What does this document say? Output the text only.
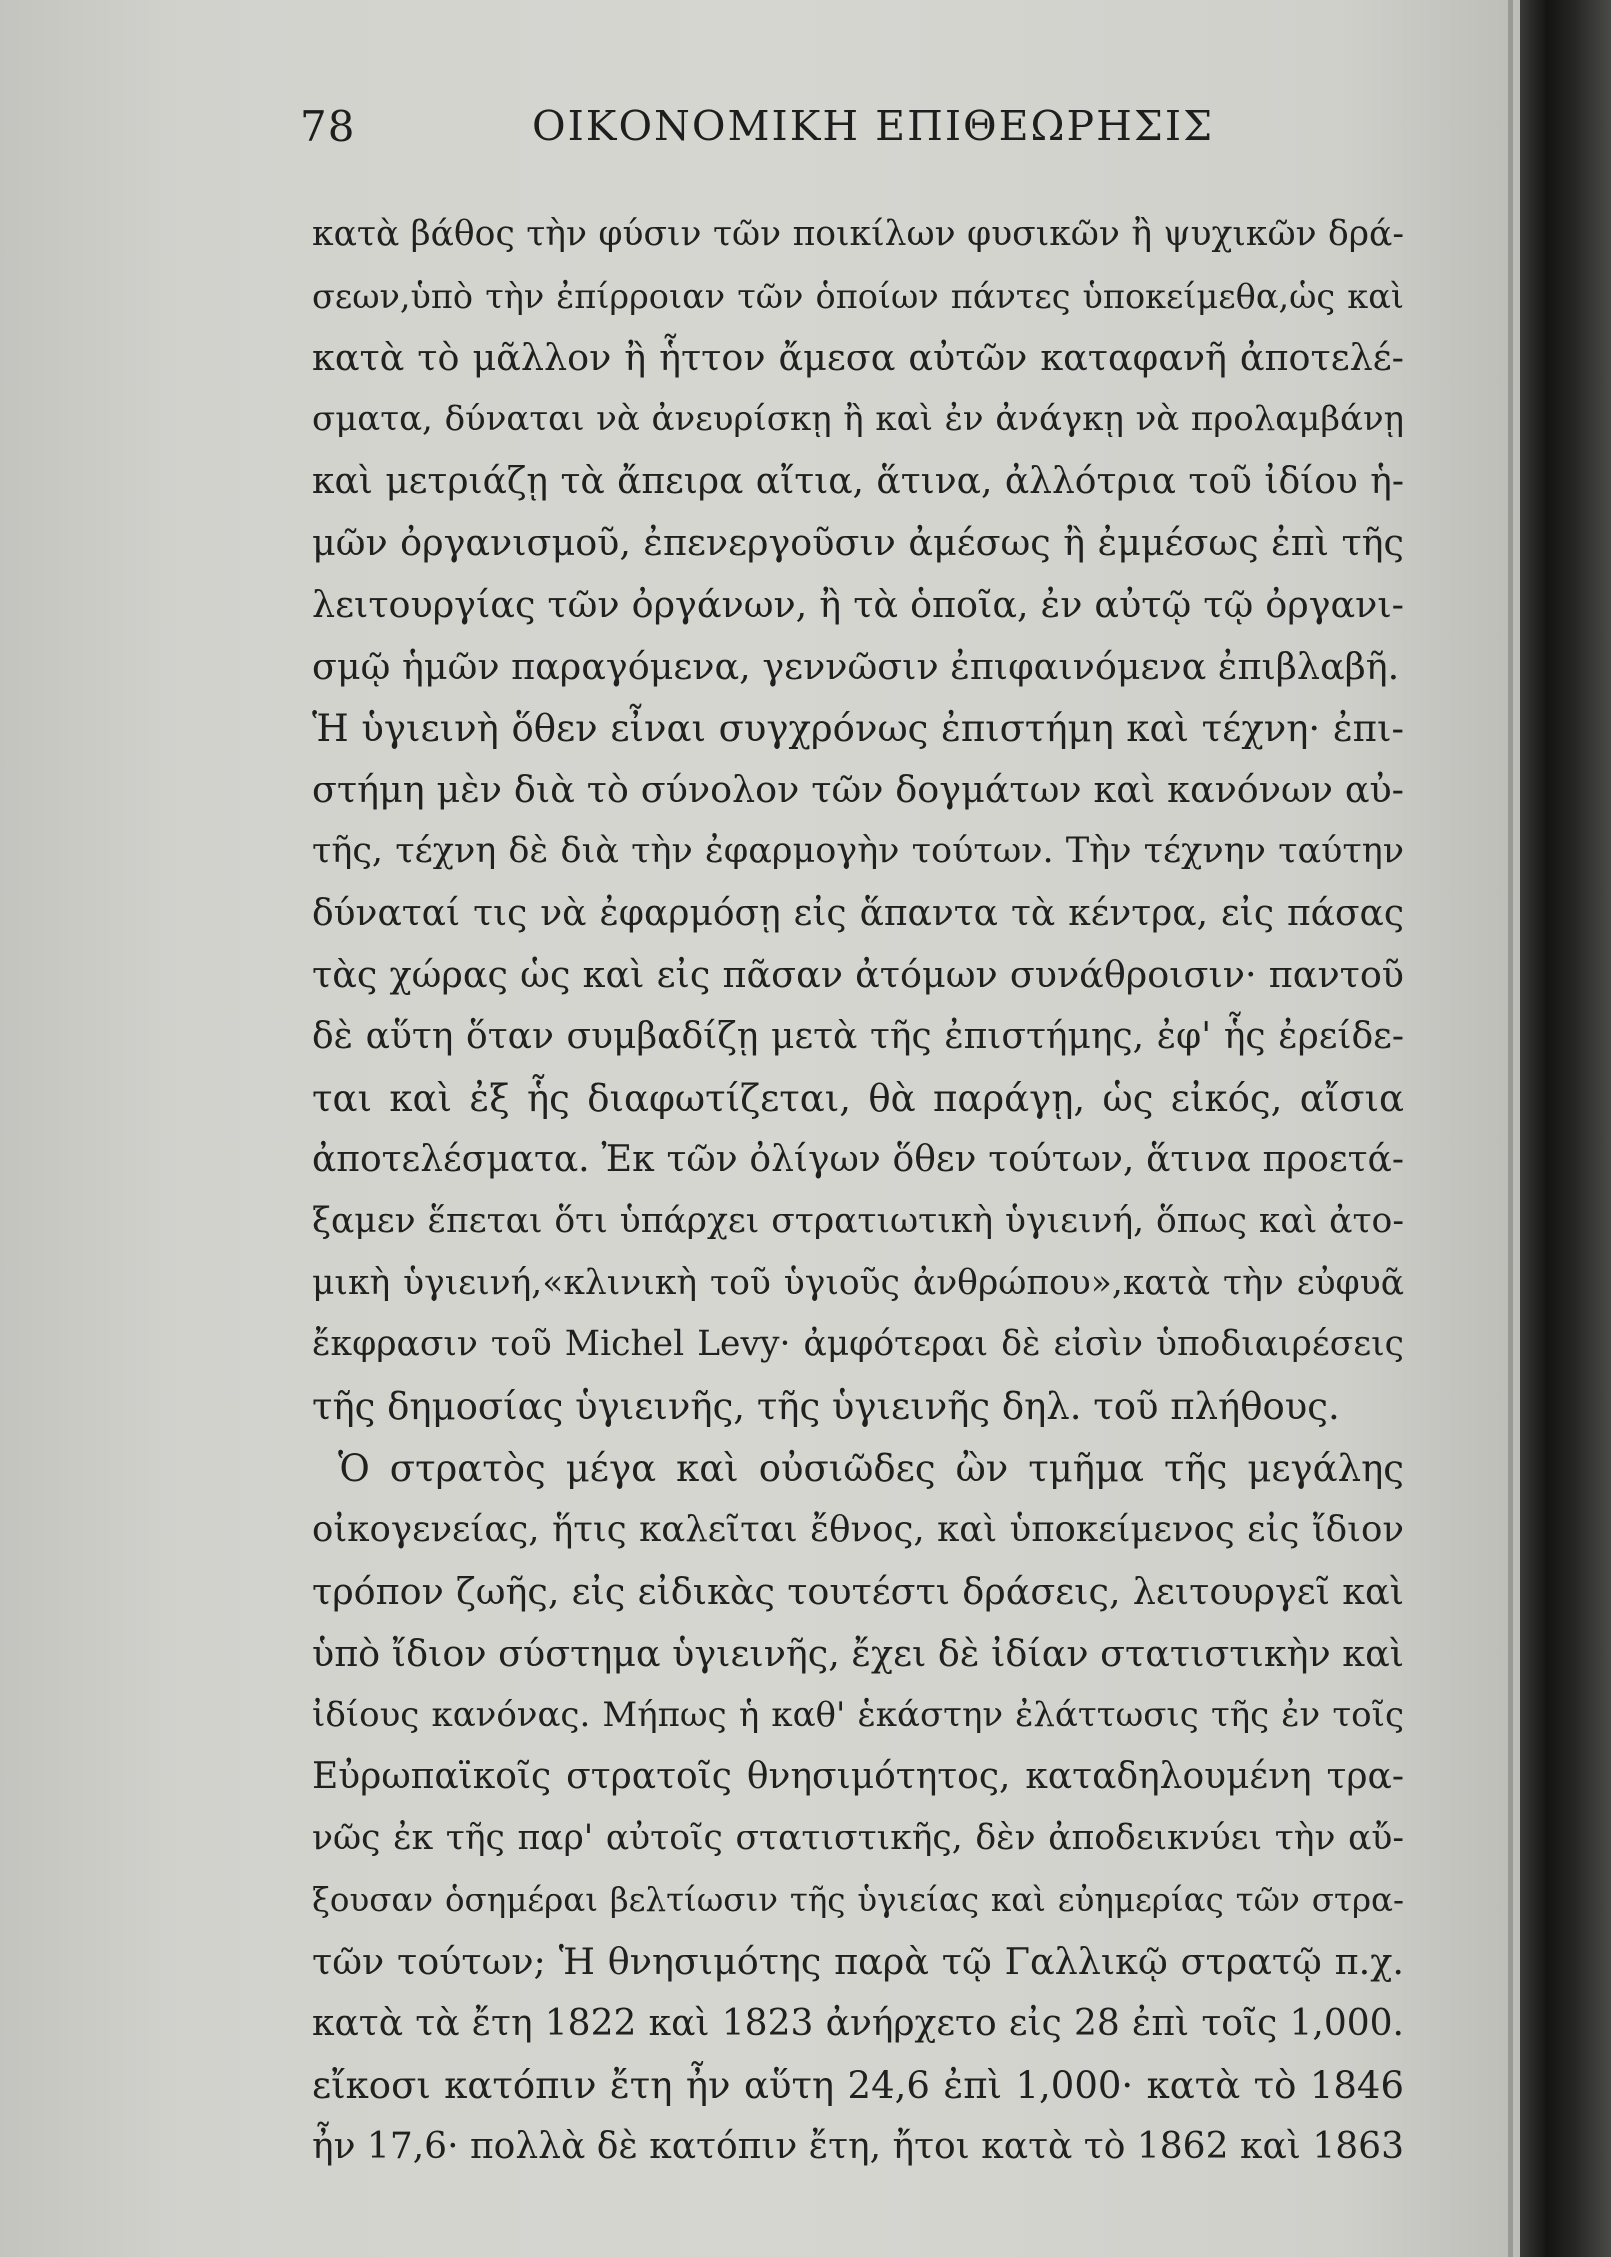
78	ΟΙΚΟΝΟΜΙΚΗ ΕΠΙΘΕΩΡΗΣΙΣ
κατὰ βάθος τὴν φύσιν τῶν ποικίλων φυσικῶν ἢ ψυχικῶν δρά-
σεων,ὑπὸ τὴν ἐπίρροιαν τῶν ὁποίων πάντες ὑποκείμεθα,ὡς καὶ
κατὰ τὸ μᾶλλον ἢ ἧττον ἄμεσα αὐτῶν καταφανῆ ἀποτελέ-
σματα, δύναται νὰ ἀνευρίσκῃ ἢ καὶ ἐν ἀνάγκῃ νὰ προλαμβάνῃ
καὶ μετριάζῃ τὰ ἄπειρα αἴτια, ἅτινα, ἀλλότρια τοῦ ἰδίου ἡ-
μῶν ὀργανισμοῦ, ἐπενεργοῦσιν ἀμέσως ἢ ἐμμέσως ἐπὶ τῆς
λειτουργίας τῶν ὀργάνων, ἢ τὰ ὁποῖα, ἐν αὐτῷ τῷ ὀργανι-
σμῷ ἡμῶν παραγόμενα, γεννῶσιν ἐπιφαινόμενα ἐπιβλαβῆ.
Ἡ ὑγιεινὴ ὅθεν εἶναι συγχρόνως ἐπιστήμη καὶ τέχνη· ἐπι-
στήμη μὲν διὰ τὸ σύνολον τῶν δογμάτων καὶ κανόνων αὐ-
τῆς, τέχνη δὲ διὰ τὴν ἐφαρμογὴν τούτων. Τὴν τέχνην ταύτην
δύναταί τις νὰ ἐφαρμόσῃ εἰς ἅπαντα τὰ κέντρα, εἰς πάσας
τὰς χώρας ὡς καὶ εἰς πᾶσαν ἀτόμων συνάθροισιν· παντοῦ
δὲ αὕτη ὅταν συμβαδίζῃ μετὰ τῆς ἐπιστήμης, ἐφ' ἧς ἐρείδε-
ται καὶ ἐξ ἧς διαφωτίζεται, θὰ παράγῃ, ὡς εἰκός, αἴσια
ἀποτελέσματα. Ἐκ τῶν ὀλίγων ὅθεν τούτων, ἅτινα προετά-
ξαμεν ἕπεται ὅτι ὑπάρχει στρατιωτικὴ ὑγιεινή, ὅπως καὶ ἀτο-
μικὴ ὑγιεινή,«κλινικὴ τοῦ ὑγιοῦς ἀνθρώπου»,κατὰ τὴν εὐφυᾶ
ἔκφρασιν τοῦ Michel Levy· ἀμφότεραι δὲ εἰσὶν ὑποδιαιρέσεις
τῆς δημοσίας ὑγιεινῆς, τῆς ὑγιεινῆς δηλ. τοῦ πλήθους.
Ὁ στρατὸς μέγα καὶ οὐσιῶδες ὢν τμῆμα τῆς μεγάλης
οἰκογενείας, ἥτις καλεῖται ἔθνος, καὶ ὑποκείμενος εἰς ἴδιον
τρόπον ζωῆς, εἰς εἰδικὰς τουτέστι δράσεις, λειτουργεῖ καὶ
ὑπὸ ἴδιον σύστημα ὑγιεινῆς, ἔχει δὲ ἰδίαν στατιστικὴν καὶ
ἰδίους κανόνας. Μήπως ἡ καθ' ἑκάστην ἐλάττωσις τῆς ἐν τοῖς
Εὐρωπαϊκοῖς στρατοῖς θνησιμότητος, καταδηλουμένη τρα-
νῶς ἐκ τῆς παρ' αὐτοῖς στατιστικῆς, δὲν ἀποδεικνύει τὴν αὔ-
ξουσαν ὁσημέραι βελτίωσιν τῆς ὑγιείας καὶ εὐημερίας τῶν στρα-
τῶν τούτων; Ἡ θνησιμότης παρὰ τῷ Γαλλικῷ στρατῷ π.χ.
κατὰ τὰ ἔτη 1822 καὶ 1823 ἀνήρχετο εἰς 28 ἐπὶ τοῖς 1,000.
εἴκοσι κατόπιν ἔτη ἦν αὕτη 24,6 ἐπὶ 1,000· κατὰ τὸ 1846
ἦν 17,6· πολλὰ δὲ κατόπιν ἔτη, ἤτοι κατὰ τὸ 1862 καὶ 1863
